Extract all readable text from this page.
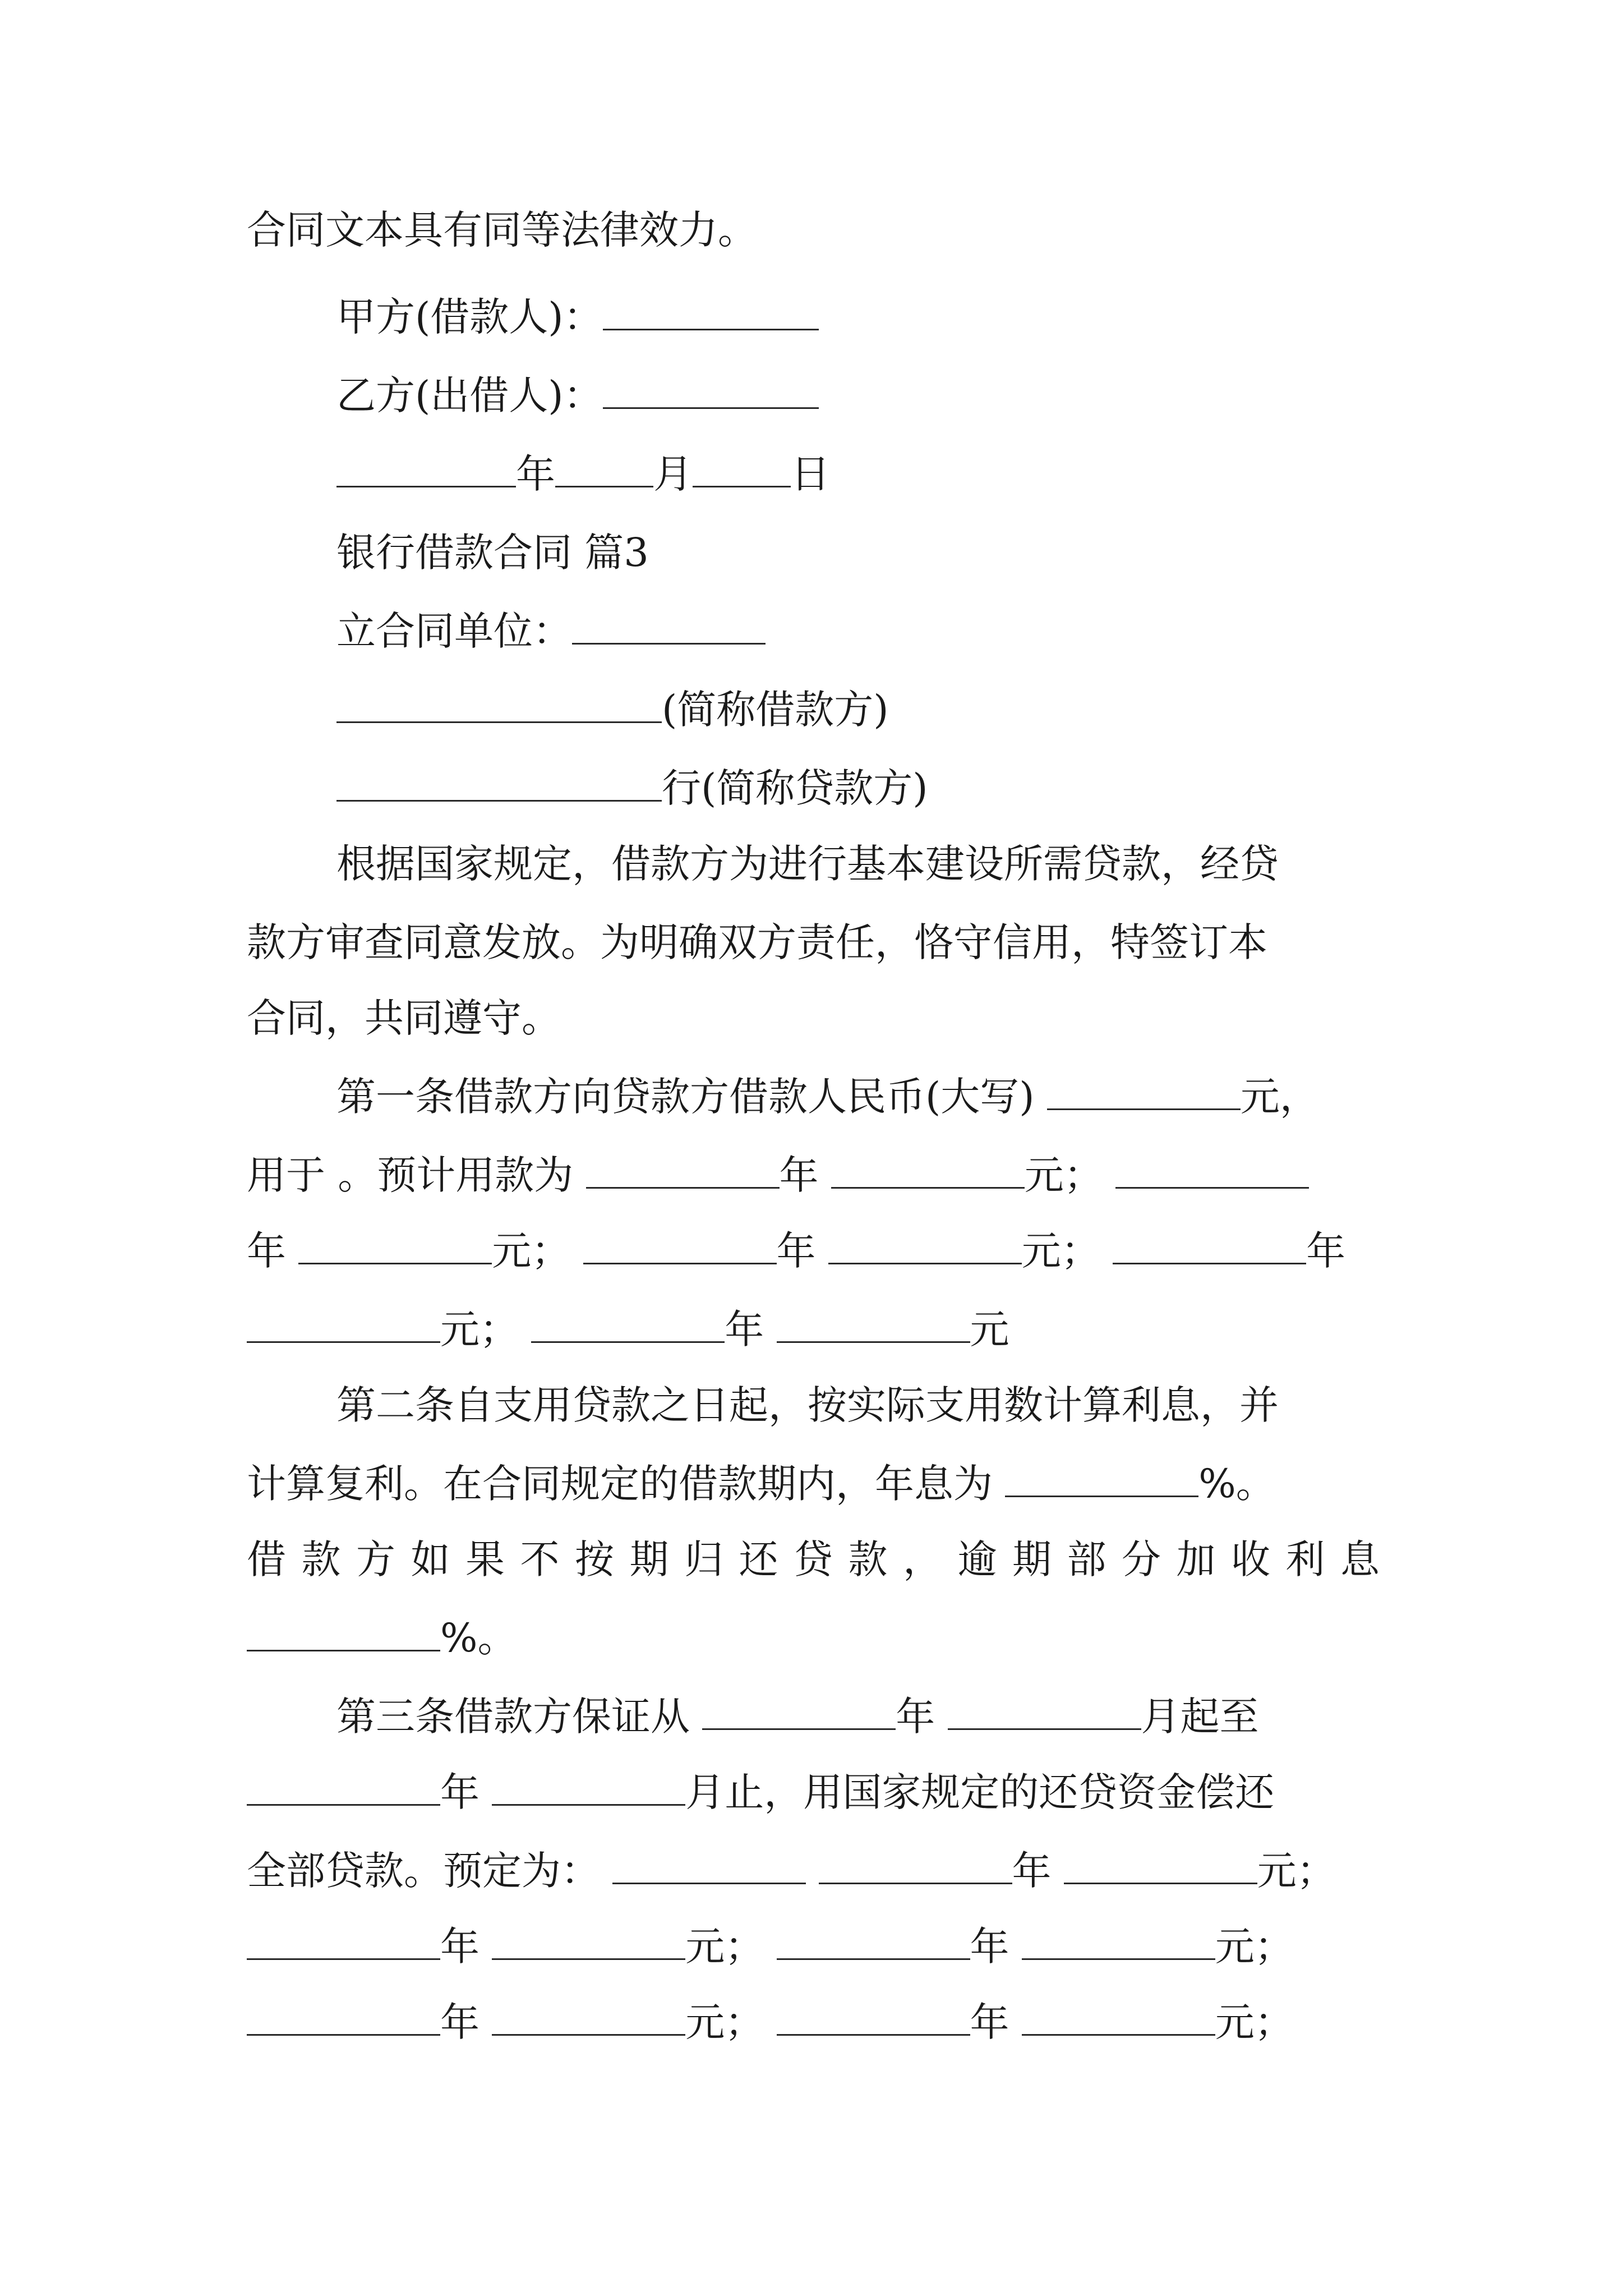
合同文本具有同等法律效力。
甲方(借款人)：
乙方(出借人)：
年	月	日
银行借款合同 篇3
立合同单位：
(简称借款方)
行(简称贷款方)
根据国家规定，借款方为进行基本建设所需贷款，经贷
款方审查同意发放。为明确双方责任，恪守信用，特签订本
合同，共同遵守。
第一条借款方向贷款方借款人民币(大写)	元，
用于 。预计用款为	年	元；
年	元；	年	元；	年
元；	年	元
第二条自支用贷款之日起，按实际支用数计算利息，并
计算复利。在合同规定的借款期内，年息为	%。
借款方如果不按期归还贷款，逾期部分加收利息
%。
第三条借款方保证从	年	月起至
年	月止，用国家规定的还贷资金偿还
全部贷款。预定为：	年	元；
年	元；	年	元；
年	元；	年	元；
